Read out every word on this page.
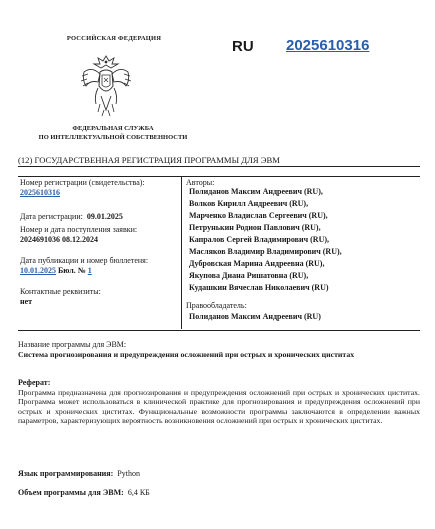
РОССИЙСКАЯ ФЕДЕРАЦИЯ
ФЕДЕРАЛЬНАЯ СЛУЖБА
ПО ИНТЕЛЛЕКТУАЛЬНОЙ СОБСТВЕННОСТИ
RU 2025610316
(12) ГОСУДАРСТВЕННАЯ РЕГИСТРАЦИЯ ПРОГРАММЫ ДЛЯ ЭВМ
Номер регистрации (свидетельства):
2025610316
Дата регистрации: 09.01.2025
Номер и дата поступления заявки:
2024691036 08.12.2024
Дата публикации и номер бюллетеня:
10.01.2025 Бюл. № 1
Контактные реквизиты:
нет
Авторы:
Полиданов Максим Андреевич (RU),
Волков Кирилл Андреевич (RU),
Марченко Владислав Сергеевич (RU),
Петрунькин Родион Павлович (RU),
Капралов Сергей Владимирович (RU),
Масляков Владимир Владимирович (RU),
Дубровская Марина Андреевна (RU),
Якупова Диана Ришатовна (RU),
Кудашкин Вячеслав Николаевич (RU)
Правообладатель:
Полиданов Максим Андреевич (RU)
Название программы для ЭВМ:
Система прогнозирования и предупреждения осложнений при острых и хронических циститах
Реферат:
Программа предназначена для прогнозирования и предупреждения осложнений при острых и хронических циститах. Программа может использоваться в клинической практике для прогнозирования и предупреждения осложнений при острых и хронических циститах. Функциональные возможности программы заключаются в определении важных параметров, характеризующих вероятность возникновения осложнений при острых и хронических циститах.
Язык программирования: Python
Объем программы для ЭВМ: 6,4 КБ
